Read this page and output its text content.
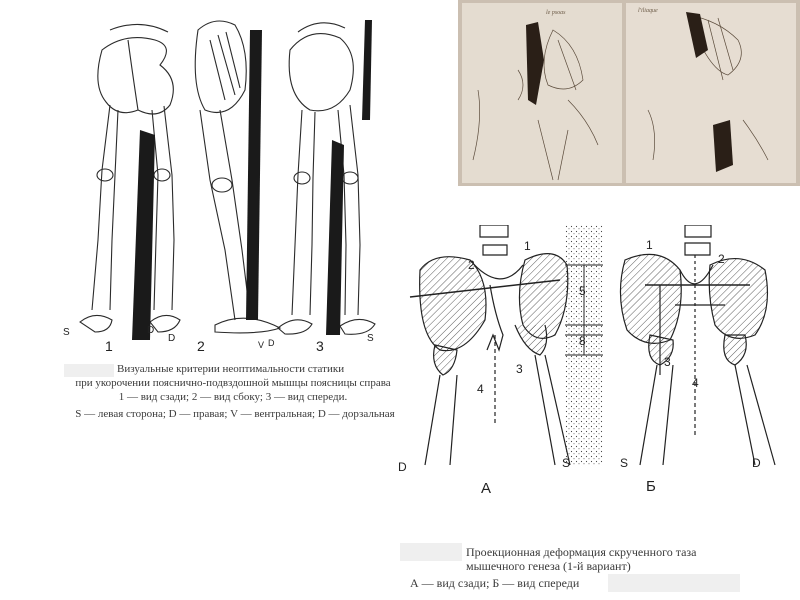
S	D
D
V D	S
1	2	3
Визуальные критерии неоптимальности статики
при укорочении пояснично-подвздошной мышцы поясницы справа
1 — вид сзади; 2 — вид сбоку; 3 — вид спереди.
S — левая сторона; D — правая; V — вентральная; D — дорзальная
le psoas	l'iliaque
1
2
5
8
3
4
1
2
3
4
D	S	S	D
А	Б
Проекционная деформация скрученного таза
мышечного генеза (1-й вариант)
А — вид сзади; Б — вид спереди
